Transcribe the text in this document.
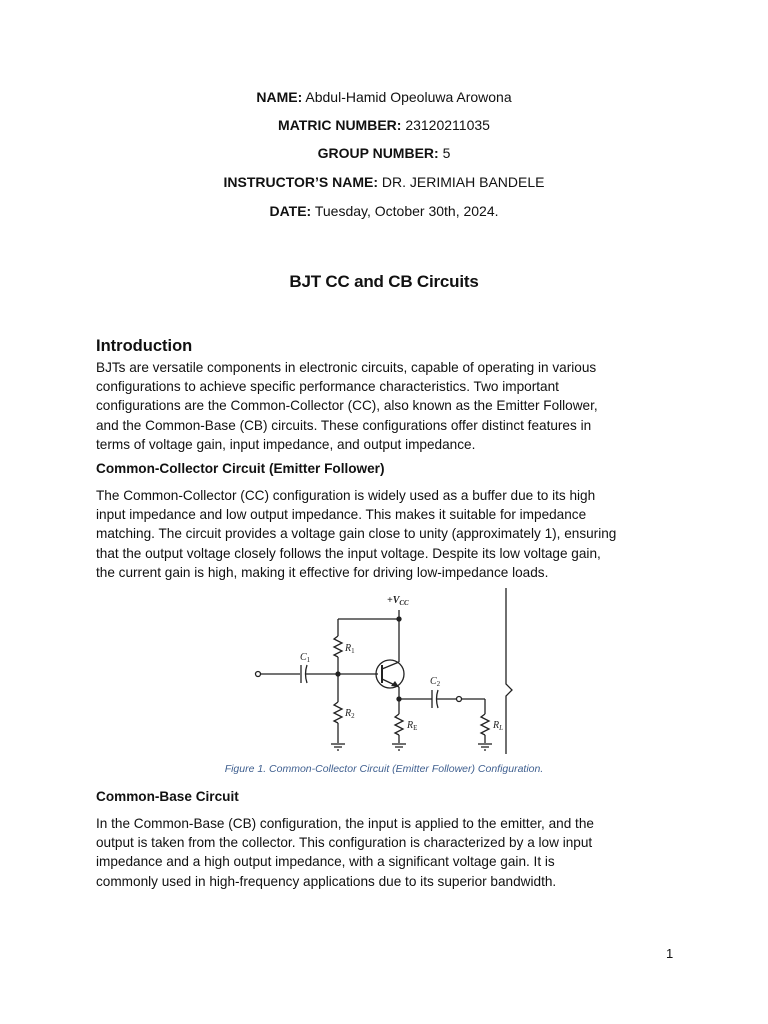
NAME: Abdul-Hamid Opeoluwa Arowona
MATRIC NUMBER: 23120211035
GROUP NUMBER: 5
INSTRUCTOR’S NAME: DR. JERIMIAH BANDELE
DATE: Tuesday, October 30th, 2024.
BJT CC and CB Circuits
Introduction
BJTs are versatile components in electronic circuits, capable of operating in various
configurations to achieve specific performance characteristics. Two important
configurations are the Common-Collector (CC), also known as the Emitter Follower,
and the Common-Base (CB) circuits. These configurations offer distinct features in
terms of voltage gain, input impedance, and output impedance.
Common-Collector Circuit (Emitter Follower)
The Common-Collector (CC) configuration is widely used as a buffer due to its high
input impedance and low output impedance. This makes it suitable for impedance
matching. The circuit provides a voltage gain close to unity (approximately 1), ensuring
that the output voltage closely follows the input voltage. Despite its low voltage gain,
the current gain is high, making it effective for driving low-impedance loads.
$+V_{CC}$
$R_1$
$C_1$
$R_2$
$C_2$
$R_E$	$R_L$
Figure 1. Common-Collector Circuit (Emitter Follower) Configuration.
Common-Base Circuit
In the Common-Base (CB) configuration, the input is applied to the emitter, and the
output is taken from the collector. This configuration is characterized by a low input
impedance and a high output impedance, with a significant voltage gain. It is
commonly used in high-frequency applications due to its superior bandwidth.
1
